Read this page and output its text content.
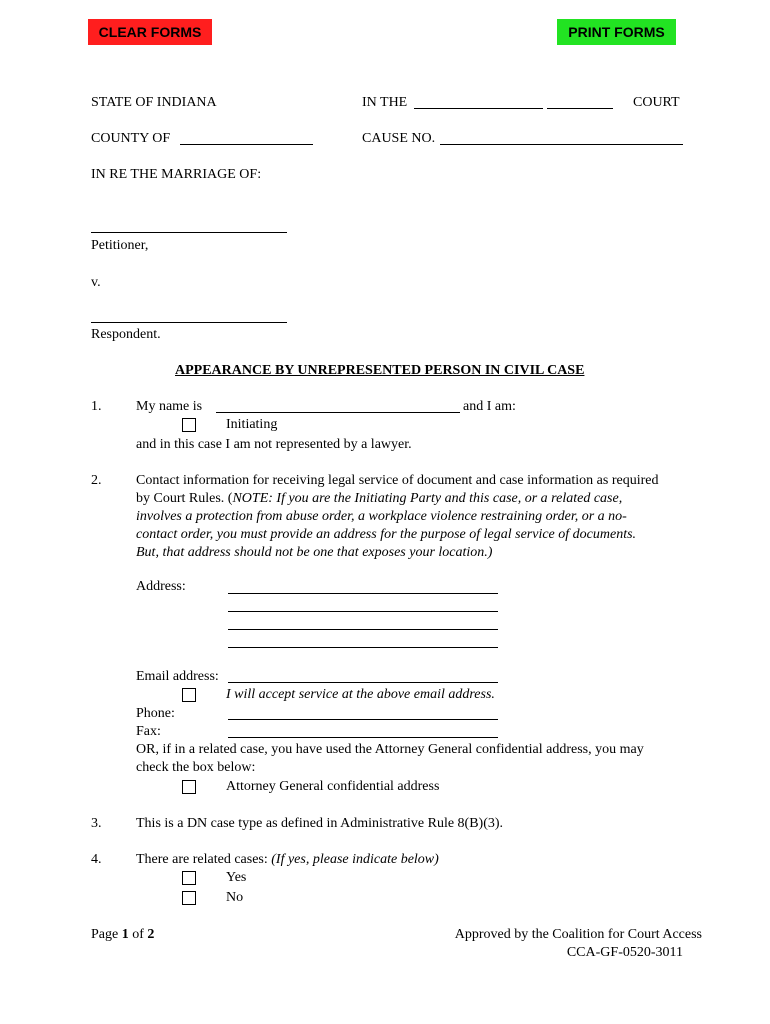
CLEAR FORMS	PRINT FORMS
STATE OF INDIANA	IN THE	COURT
COUNTY OF	CAUSE NO.
IN RE THE MARRIAGE OF:
Petitioner,
v.
Respondent.
APPEARANCE BY UNREPRESENTED PERSON IN CIVIL CASE
1. My name is	and I am:
Initiating
and in this case I am not represented by a lawyer.
2. Contact information for receiving legal service of document and case information as required
by Court Rules. (NOTE: If you are the Initiating Party and this case, or a related case,
involves a protection from abuse order, a workplace violence restraining order, or a no-
contact order, you must provide an address for the purpose of legal service of documents.
But, that address should not be one that exposes your location.)
Address:
Email address:
I will accept service at the above email address.
Phone:
Fax:
OR, if in a related case, you have used the Attorney General confidential address, you may
check the box below:
Attorney General confidential address
3. This is a DN case type as defined in Administrative Rule 8(B)(3).
4. There are related cases: (If yes, please indicate below)
Yes
No
Page 1 of 2	Approved by the Coalition for Court Access
CCA-GF-0520-3011
